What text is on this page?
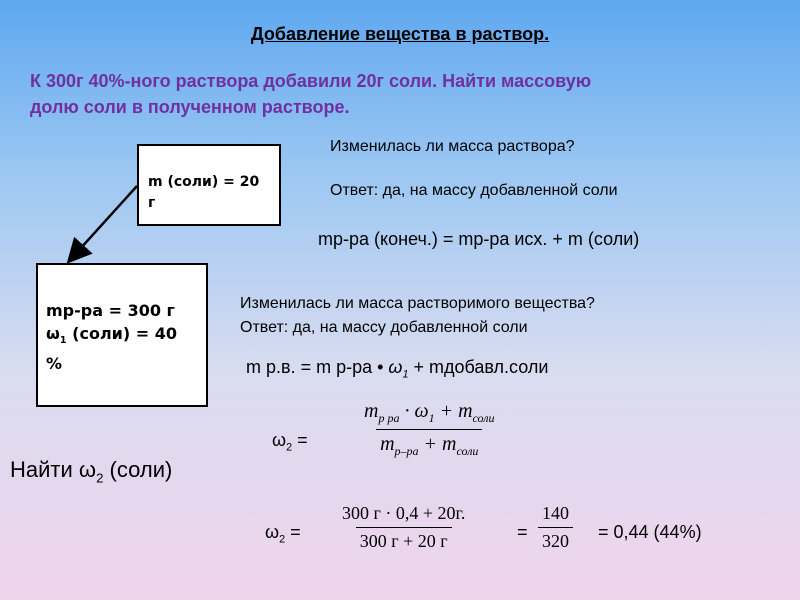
Добавление вещества в раствор.
К 300г 40%-ного раствора добавили 20г соли. Найти массовую
долю соли в полученном растворе.
Изменилась ли масса раствора?
Ответ: да, на массу добавленной соли
mр-ра (конеч.) = mр-ра исх. + m (соли)
m (соли) = 20
г
mр-ра = 300 г
$\omega_1$ (соли) = 40
%
Изменилась ли масса растворимого вещества?
Ответ: да, на массу добавленной соли
m р.в. = m р-ра • $\omega_1$ + mдобавл.соли
Найти $\omega_2$ (соли)
$\omega_2$ =	$\frac{m_{р ра} \cdot \omega_1 + m_{соли}}{m_{р-ра} + m_{соли}}$
$\omega_2 = \frac{300 г \cdot 0,4 + 20г.}{300 г + 20 г}$	= $\frac{140}{320} = 0,44$ (44%)
